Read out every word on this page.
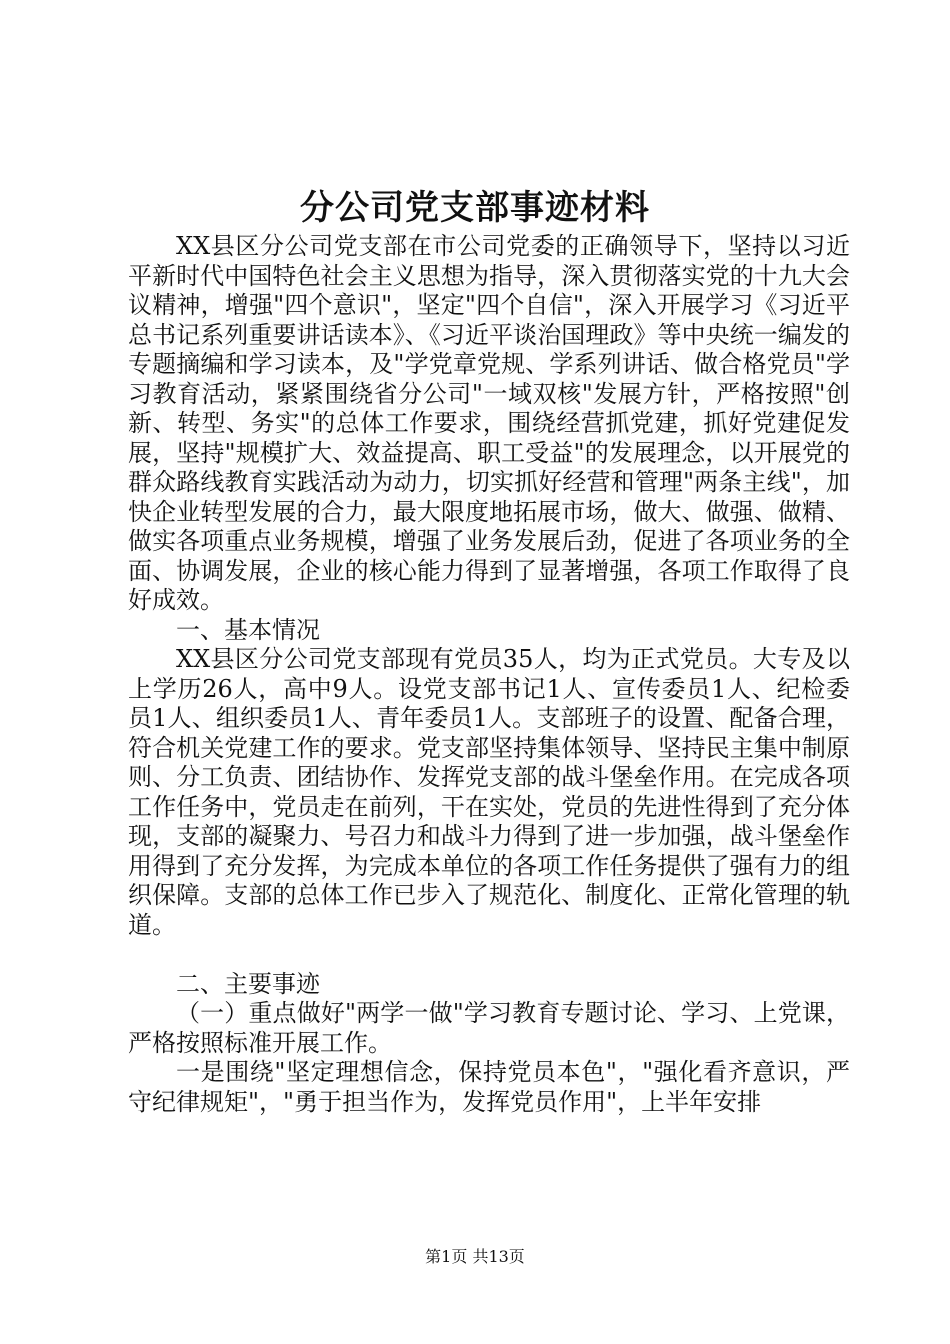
分公司党支部事迹材料

XX县区分公司党支部在市公司党委的正确领导下，坚持以习近平新时代中国特色社会主义思想为指导，深入贯彻落实党的十九大会议精神，增强"四个意识"，坚定"四个自信"，深入开展学习《习近平总书记系列重要讲话读本》、《习近平谈治国理政》等中央统一编发的专题摘编和学习读本，及"学党章党规、学系列讲话、做合格党员"学习教育活动，紧紧围绕省分公司"一域双核"发展方针，严格按照"创新、转型、务实"的总体工作要求，围绕经营抓党建，抓好党建促发展，坚持"规模扩大、效益提高、职工受益"的发展理念，以开展党的群众路线教育实践活动为动力，切实抓好经营和管理"两条主线"，加快企业转型发展的合力，最大限度地拓展市场，做大、做强、做精、做实各项重点业务规模，增强了业务发展后劲，促进了各项业务的全面、协调发展，企业的核心能力得到了显著增强，各项工作取得了良好成效。

一、基本情况

XX县区分公司党支部现有党员35人，均为正式党员。大专及以上学历26人，高中9人。设党支部书记1人、宣传委员1人、纪检委员1人、组织委员1人、青年委员1人。支部班子的设置、配备合理，符合机关党建工作的要求。党支部坚持集体领导、坚持民主集中制原则、分工负责、团结协作、发挥党支部的战斗堡垒作用。在完成各项工作任务中，党员走在前列，干在实处，党员的先进性得到了充分体现，支部的凝聚力、号召力和战斗力得到了进一步加强，战斗堡垒作用得到了充分发挥，为完成本单位的各项工作任务提供了强有力的组织保障。支部的总体工作已步入了规范化、制度化、正常化管理的轨道。

二、主要事迹

（一）重点做好"两学一做"学习教育专题讨论、学习、上党课，严格按照标准开展工作。

一是围绕"坚定理想信念，保持党员本色"，"强化看齐意识，严守纪律规矩"，"勇于担当作为，发挥党员作用"，上半年安排

第1页 共13页
